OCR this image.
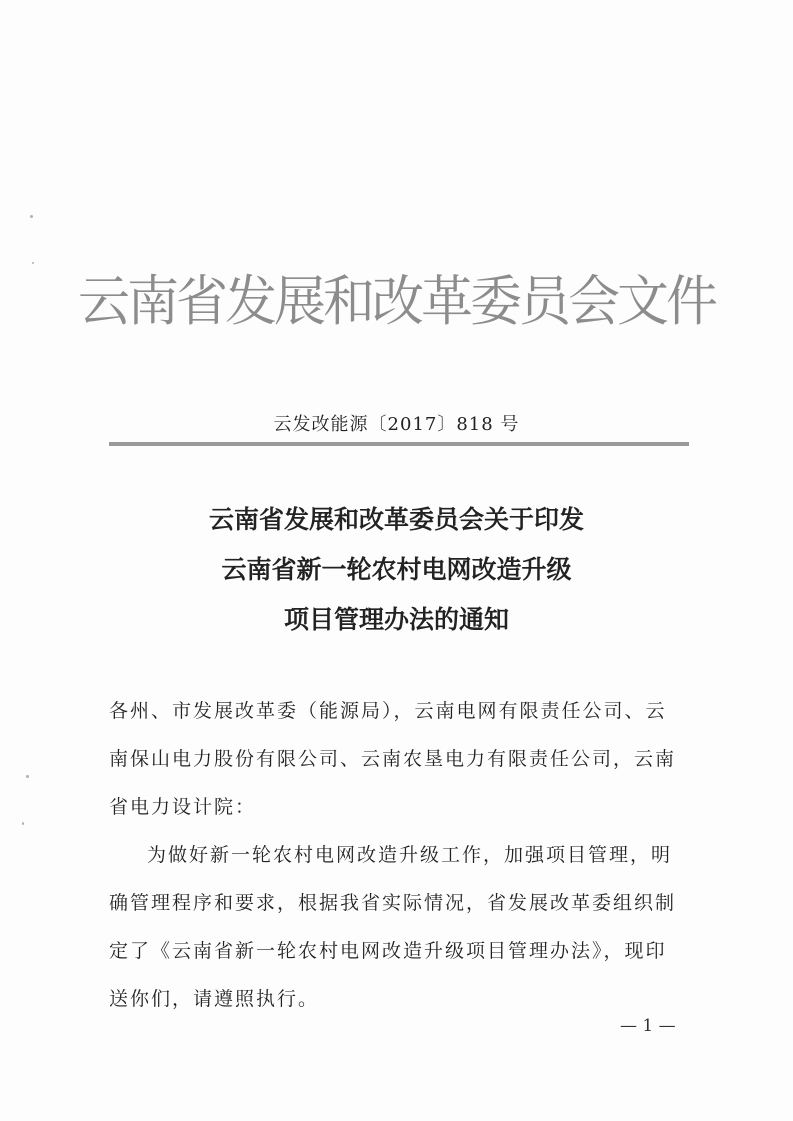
云南省发展和改革委员会文件
云发改能源〔2017〕818 号
云南省发展和改革委员会关于印发
云南省新一轮农村电网改造升级
项目管理办法的通知
各州、市发展改革委（能源局），云南电网有限责任公司、云
南保山电力股份有限公司、云南农垦电力有限责任公司，云南
省电力设计院：
为做好新一轮农村电网改造升级工作，加强项目管理，明
确管理程序和要求，根据我省实际情况，省发展改革委组织制
定了《云南省新一轮农村电网改造升级项目管理办法》，现印
送你们，请遵照执行。
— 1 —
